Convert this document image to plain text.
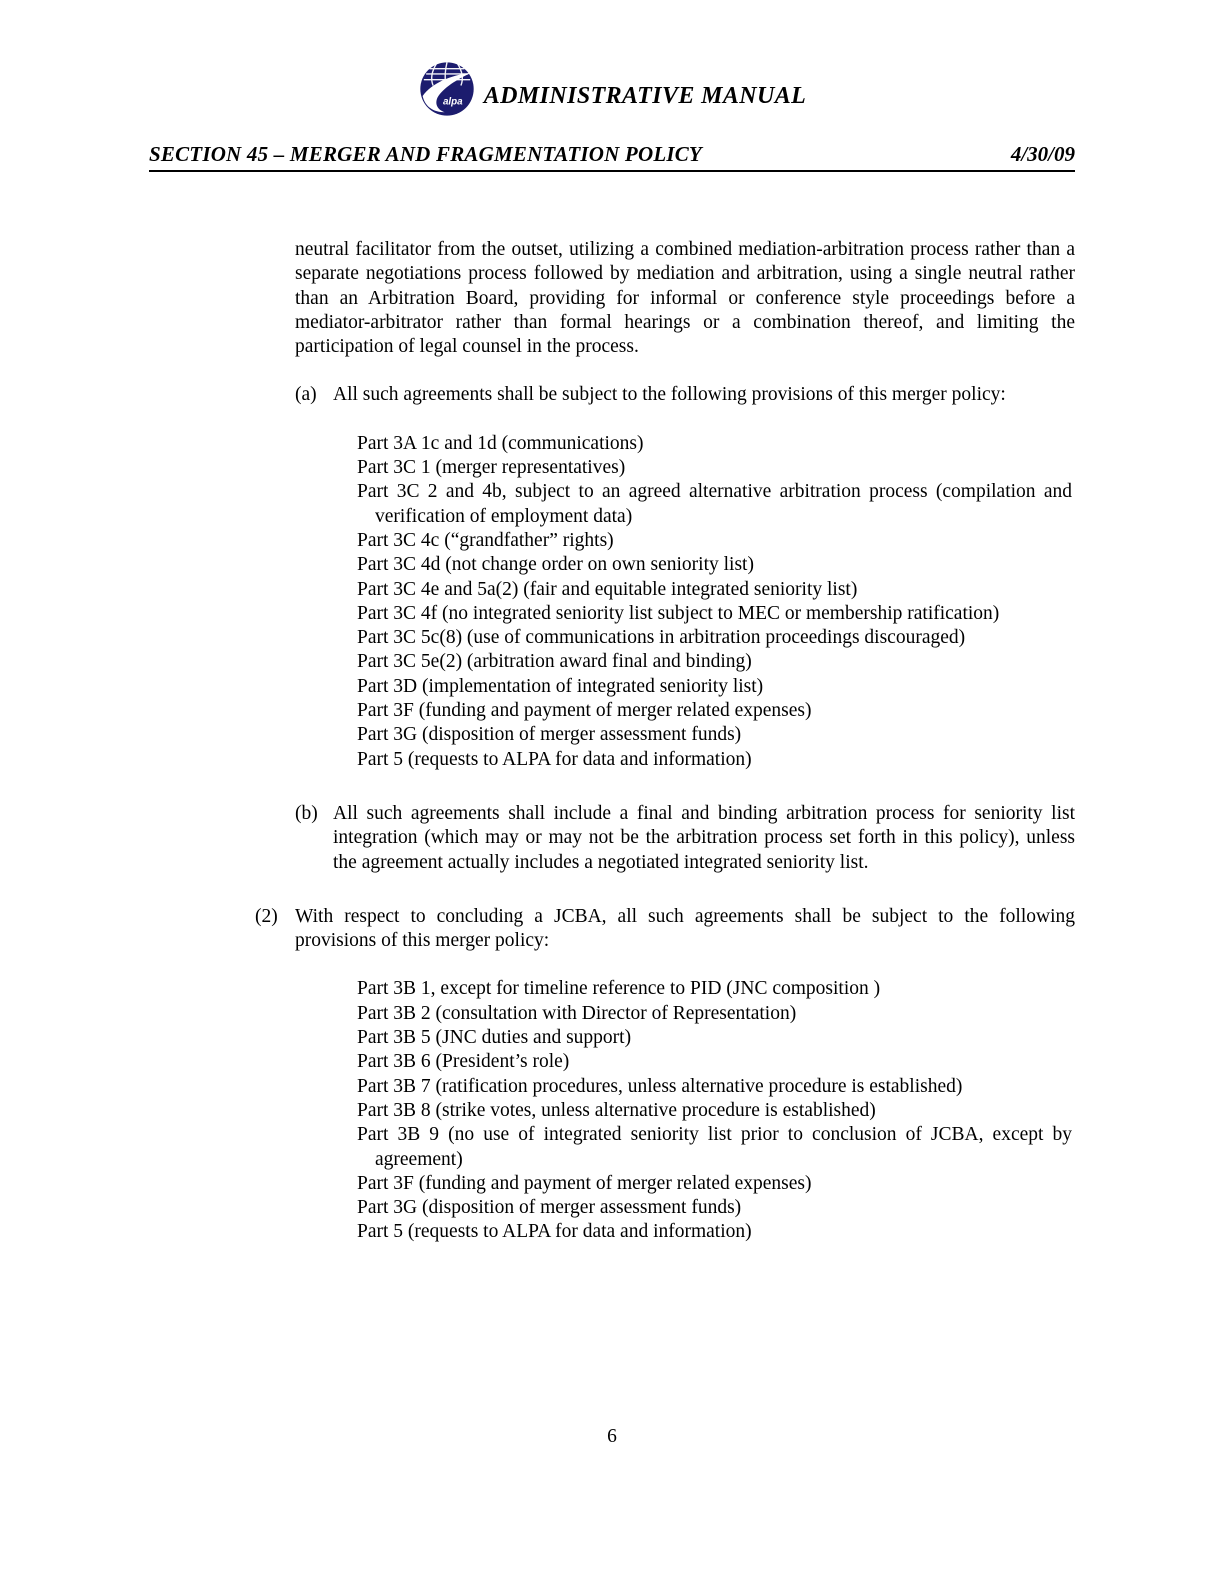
alpa ADMINISTRATIVE MANUAL
SECTION 45 – MERGER AND FRAGMENTATION POLICY	4/30/09

neutral facilitator from the outset, utilizing a combined mediation-arbitration process rather than a separate negotiations process followed by mediation and arbitration, using a single neutral rather than an Arbitration Board, providing for informal or conference style proceedings before a mediator-arbitrator rather than formal hearings or a combination thereof, and limiting the participation of legal counsel in the process.

(a) All such agreements shall be subject to the following provisions of this merger policy:

Part 3A 1c and 1d (communications)

Part 3C 1 (merger representatives)

Part 3C 2 and 4b, subject to an agreed alternative arbitration process (compilation and verification of employment data)

Part 3C 4c (“grandfather” rights)

Part 3C 4d (not change order on own seniority list)

Part 3C 4e and 5a(2) (fair and equitable integrated seniority list)

Part 3C 4f (no integrated seniority list subject to MEC or membership ratification)

Part 3C 5c(8) (use of communications in arbitration proceedings discouraged)

Part 3C 5e(2) (arbitration award final and binding)

Part 3D (implementation of integrated seniority list)

Part 3F (funding and payment of merger related expenses)

Part 3G (disposition of merger assessment funds)

Part 5 (requests to ALPA for data and information)

(b) All such agreements shall include a final and binding arbitration process for seniority list integration (which may or may not be the arbitration process set forth in this policy), unless the agreement actually includes a negotiated integrated seniority list.
(2) With respect to concluding a JCBA, all such agreements shall be subject to the following provisions of this merger policy:

Part 3B 1, except for timeline reference to PID (JNC composition )

Part 3B 2 (consultation with Director of Representation)

Part 3B 5 (JNC duties and support)

Part 3B 6 (President’s role)

Part 3B 7 (ratification procedures, unless alternative procedure is established)

Part 3B 8 (strike votes, unless alternative procedure is established)

Part 3B 9 (no use of integrated seniority list prior to conclusion of JCBA, except by agreement)

Part 3F (funding and payment of merger related expenses)

Part 3G (disposition of merger assessment funds)

Part 5 (requests to ALPA for data and information)

6
